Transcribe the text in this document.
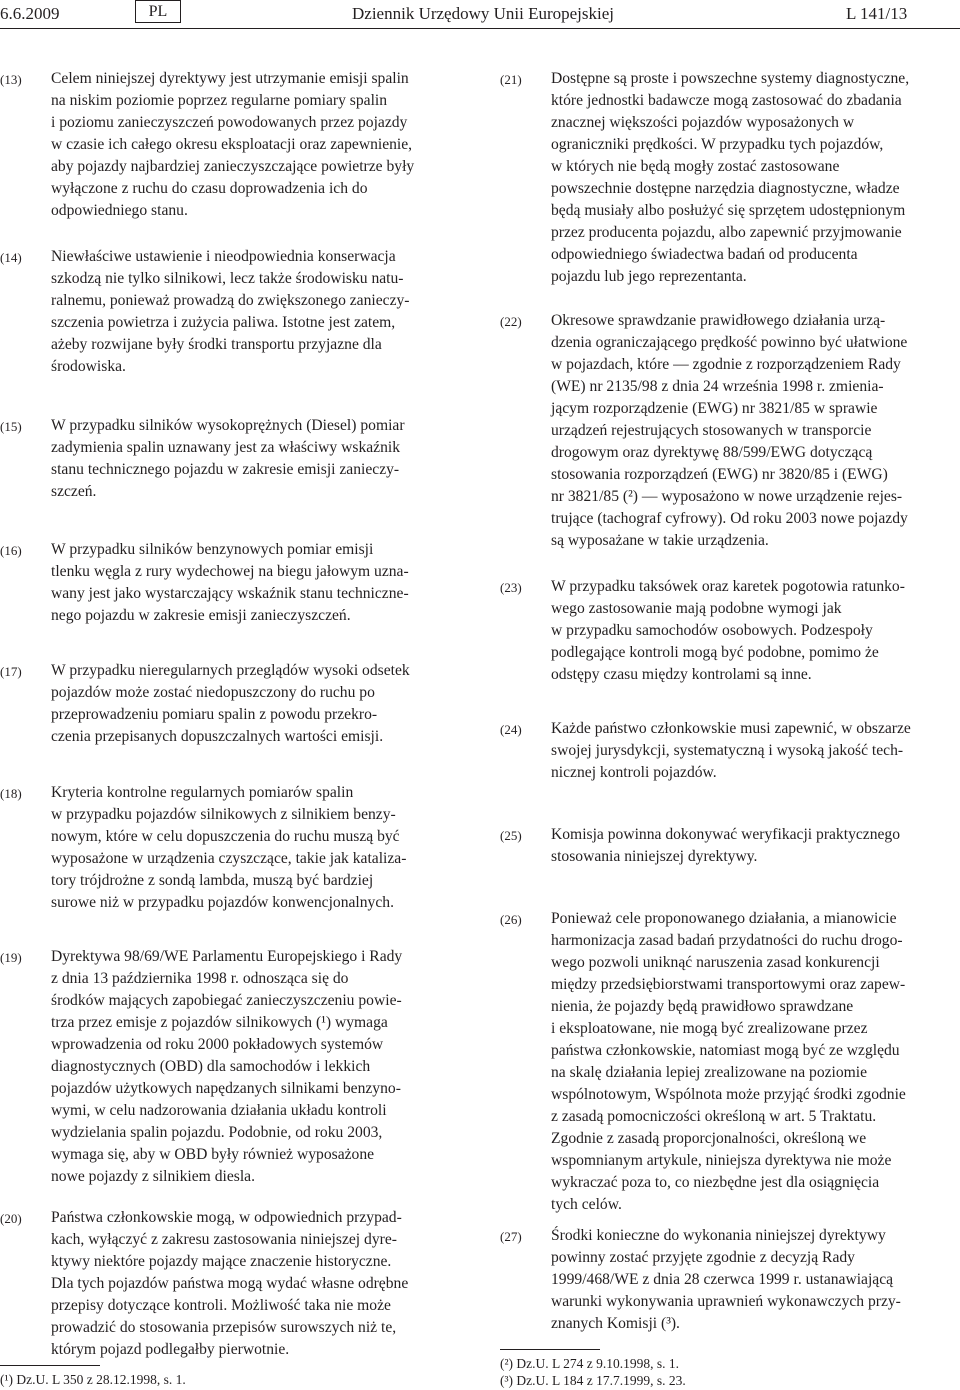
6.6.2009	PL	Dziennik Urzędowy Unii Europejskiej	L 141/13
(13)	Celem niniejszej dyrektywy jest utrzymanie emisji spalin
na niskim poziomie poprzez regularne pomiary spalin
i poziomu zanieczyszczeń powodowanych przez pojazdy
w czasie ich całego okresu eksploatacji oraz zapewnienie,
aby pojazdy najbardziej zanieczyszczające powietrze były
wyłączone z ruchu do czasu doprowadzenia ich do
odpowiedniego stanu.
(14)	Niewłaściwe ustawienie i nieodpowiednia konserwacja
szkodzą nie tylko silnikowi, lecz także środowisku natu-
ralnemu, ponieważ prowadzą do zwiększonego zanieczy-
szczenia powietrza i zużycia paliwa. Istotne jest zatem,
ażeby rozwijane były środki transportu przyjazne dla
środowiska.
(15)	W przypadku silników wysokoprężnych (Diesel) pomiar
zadymienia spalin uznawany jest za właściwy wskaźnik
stanu technicznego pojazdu w zakresie emisji zanieczy-
szczeń.
(16)	W przypadku silników benzynowych pomiar emisji
tlenku węgla z rury wydechowej na biegu jałowym uzna-
wany jest jako wystarczający wskaźnik stanu techniczne-
nego pojazdu w zakresie emisji zanieczyszczeń.
(17)	W przypadku nieregularnych przeglądów wysoki odsetek
pojazdów może zostać niedopuszczony do ruchu po
przeprowadzeniu pomiaru spalin z powodu przekro-
czenia przepisanych dopuszczalnych wartości emisji.
(18)	Kryteria kontrolne regularnych pomiarów spalin
w przypadku pojazdów silnikowych z silnikiem benzy-
nowym, które w celu dopuszczenia do ruchu muszą być
wyposażone w urządzenia czyszczące, takie jak kataliza-
tory trójdrożne z sondą lambda, muszą być bardziej
surowe niż w przypadku pojazdów konwencjonalnych.
(19)	Dyrektywa 98/69/WE Parlamentu Europejskiego i Rady
z dnia 13 października 1998 r. odnosząca się do
środków mających zapobiegać zanieczyszczeniu powie-
trza przez emisje z pojazdów silnikowych (¹) wymaga
wprowadzenia od roku 2000 pokładowych systemów
diagnostycznych (OBD) dla samochodów i lekkich
pojazdów użytkowych napędzanych silnikami benzyno-
wymi, w celu nadzorowania działania układu kontroli
wydzielania spalin pojazdu. Podobnie, od roku 2003,
wymaga się, aby w OBD były również wyposażone
nowe pojazdy z silnikiem diesla.
(20)	Państwa członkowskie mogą, w odpowiednich przypad-
kach, wyłączyć z zakresu zastosowania niniejszej dyre-
ktywy niektóre pojazdy mające znaczenie historyczne.
Dla tych pojazdów państwa mogą wydać własne odrębne
przepisy dotyczące kontroli. Możliwość taka nie może
prowadzić do stosowania przepisów surowszych niż te,
którym pojazd podlegałby pierwotnie.
(¹) Dz.U. L 350 z 28.12.1998, s. 1.
(21)	Dostępne są proste i powszechne systemy diagnostyczne,
które jednostki badawcze mogą zastosować do zbadania
znacznej większości pojazdów wyposażonych w
ograniczniki prędkości. W przypadku tych pojazdów,
w których nie będą mogły zostać zastosowane
powszechnie dostępne narzędzia diagnostyczne, władze
będą musiały albo posłużyć się sprzętem udostępnionym
przez producenta pojazdu, albo zapewnić przyjmowanie
odpowiedniego świadectwa badań od producenta
pojazdu lub jego reprezentanta.
(22)	Okresowe sprawdzanie prawidłowego działania urzą-
dzenia ograniczającego prędkość powinno być ułatwione
w pojazdach, które — zgodnie z rozporządzeniem Rady
(WE) nr 2135/98 z dnia 24 września 1998 r. zmienia-
jącym rozporządzenie (EWG) nr 3821/85 w sprawie
urządzeń rejestrujących stosowanych w transporcie
drogowym oraz dyrektywę 88/599/EWG dotyczącą
stosowania rozporządzeń (EWG) nr 3820/85 i (EWG)
nr 3821/85 (²) — wyposażono w nowe urządzenie rejes-
trujące (tachograf cyfrowy). Od roku 2003 nowe pojazdy
są wyposażane w takie urządzenia.
(23)	W przypadku taksówek oraz karetek pogotowia ratunko-
wego zastosowanie mają podobne wymogi jak
w przypadku samochodów osobowych. Podzespoły
podlegające kontroli mogą być podobne, pomimo że
odstępy czasu między kontrolami są inne.
(24)	Każde państwo członkowskie musi zapewnić, w obszarze
swojej jurysdykcji, systematyczną i wysoką jakość tech-
nicznej kontroli pojazdów.
(25)	Komisja powinna dokonywać weryfikacji praktycznego
stosowania niniejszej dyrektywy.
(26)	Ponieważ cele proponowanego działania, a mianowicie
harmonizacja zasad badań przydatności do ruchu drogo-
wego pozwoli uniknąć naruszenia zasad konkurencji
między przedsiębiorstwami transportowymi oraz zapew-
nienia, że pojazdy będą prawidłowo sprawdzane
i eksploatowane, nie mogą być zrealizowane przez
państwa członkowskie, natomiast mogą być ze względu
na skalę działania lepiej zrealizowane na poziomie
wspólnotowym, Wspólnota może przyjąć środki zgodnie
z zasadą pomocniczości określoną w art. 5 Traktatu.
Zgodnie z zasadą proporcjonalności, określoną we
wspomnianym artykule, niniejsza dyrektywa nie może
wykraczać poza to, co niezbędne jest dla osiągnięcia
tych celów.
(27)	Środki konieczne do wykonania niniejszej dyrektywy
powinny zostać przyjęte zgodnie z decyzją Rady
1999/468/WE z dnia 28 czerwca 1999 r. ustanawiającą
warunki wykonywania uprawnień wykonawczych przy-
znanych Komisji (³).
(²) Dz.U. L 274 z 9.10.1998, s. 1.
(³) Dz.U. L 184 z 17.7.1999, s. 23.
